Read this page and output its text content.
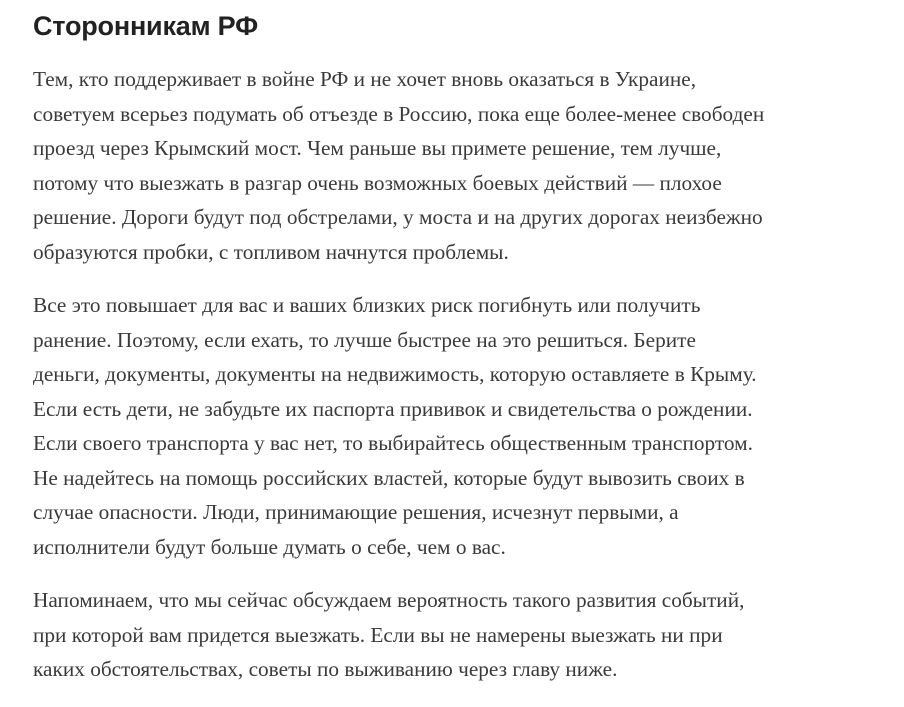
Сторонникам РФ

Тем, кто поддерживает в войне РФ и не хочет вновь оказаться в Украине,
советуем всерьез подумать об отъезде в Россию, пока еще более-менее свободен
проезд через Крымский мост. Чем раньше вы примете решение, тем лучше,
потому что выезжать в разгар очень возможных боевых действий — плохое
решение. Дороги будут под обстрелами, у моста и на других дорогах неизбежно
образуются пробки, с топливом начнутся проблемы.

Все это повышает для вас и ваших близких риск погибнуть или получить
ранение. Поэтому, если ехать, то лучше быстрее на это решиться. Берите
деньги, документы, документы на недвижимость, которую оставляете в Крыму.
Если есть дети, не забудьте их паспорта прививок и свидетельства о рождении.
Если своего транспорта у вас нет, то выбирайтесь общественным транспортом.
Не надейтесь на помощь российских властей, которые будут вывозить своих в
случае опасности. Люди, принимающие решения, исчезнут первыми, а
исполнители будут больше думать о себе, чем о вас.

Напоминаем, что мы сейчас обсуждаем вероятность такого развития событий,
при которой вам придется выезжать. Если вы не намерены выезжать ни при
каких обстоятельствах, советы по выживанию через главу ниже.
